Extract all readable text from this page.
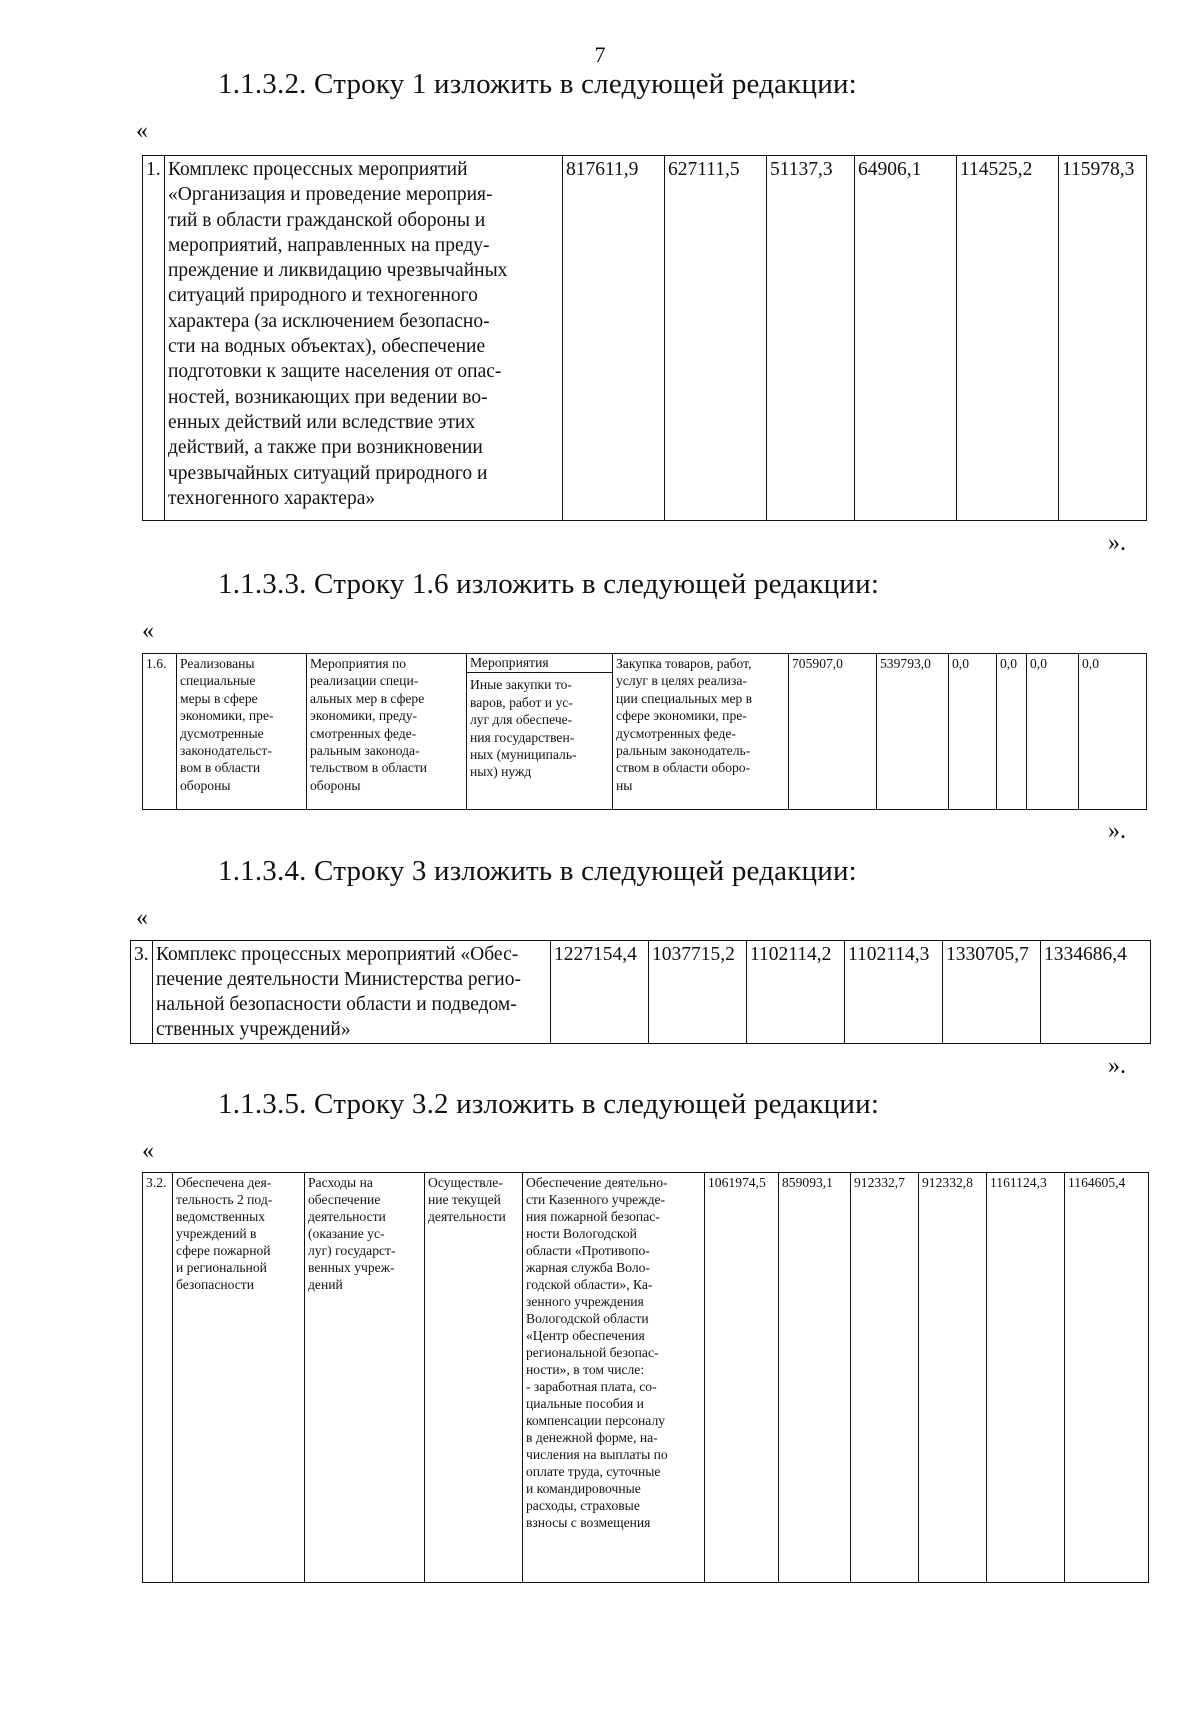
7
1.1.3.2. Строку 1 изложить в следующей редакции:
«
1.	Комплекс процессных мероприятий
«Организация и проведение мероприя-
тий в области гражданской обороны и
мероприятий, направленных на преду-
преждение и ликвидацию чрезвычайных
ситуаций природного и техногенного
характера (за исключением безопасно-
сти на водных объектах), обеспечение
подготовки к защите населения от опас-
ностей, возникающих при ведении во-
енных действий или вследствие этих
действий, а также при возникновении
чрезвычайных ситуаций природного и
техногенного характера»
	817611,9	627111,5	51137,3	64906,1	114525,2	115978,3
».
1.1.3.3. Строку 1.6 изложить в следующей редакции:
«
1.6.	Реализованы
специальные
меры в сфере
экономики, пре-
дусмотренные
законодательст-
вом в области
обороны

Мероприятия по
реализации специ-
альных мер в сфере
экономики, преду-
смотренных феде-
ральным законода-
тельством в области
обороны

Мероприятия
Иные закупки то-
варов, работ и ус-
луг для обеспече-
ния государствен-
ных (муниципаль-
ных) нужд

Закупка товаров, работ,
услуг в целях реализа-
ции специальных мер в
сфере экономики, пре-
дусмотренных феде-
ральным законодатель-
ством в области оборо-
ны
	705907,0	539793,0	0,0	0,0	0,0	0,0
».
1.1.3.4. Строку 3 изложить в следующей редакции:
«
3.	Комплекс процессных мероприятий «Обес-
печение деятельности Министерства регио-
нальной безопасности области и подведом-
ственных учреждений»
	1227154,4	1037715,2	1102114,2	1102114,3	1330705,7	1334686,4
».
1.1.3.5. Строку 3.2 изложить в следующей редакции:
«
3.2.	Обеспечена дея-
тельность 2 под-
ведомственных
учреждений в
сфере пожарной
и региональной
безопасности

Расходы на
обеспечение
деятельности
(оказание ус-
луг) государст-
венных учреж-
дений

Осуществле-
ние текущей
деятельности

Обеспечение деятельно-
сти Казенного учрежде-
ния пожарной безопас-
ности Вологодской
области «Противопо-
жарная служба Воло-
годской области», Ка-
зенного учреждения
Вологодской области
«Центр обеспечения
региональной безопас-
ности», в том числе:
- заработная плата, со-
циальные пособия и
компенсации персоналу
в денежной форме, на-
числения на выплаты по
оплате труда, суточные
и командировочные
расходы, страховые
взносы с возмещения
	1061974,5	859093,1	912332,7	912332,8	1161124,3	1164605,4
